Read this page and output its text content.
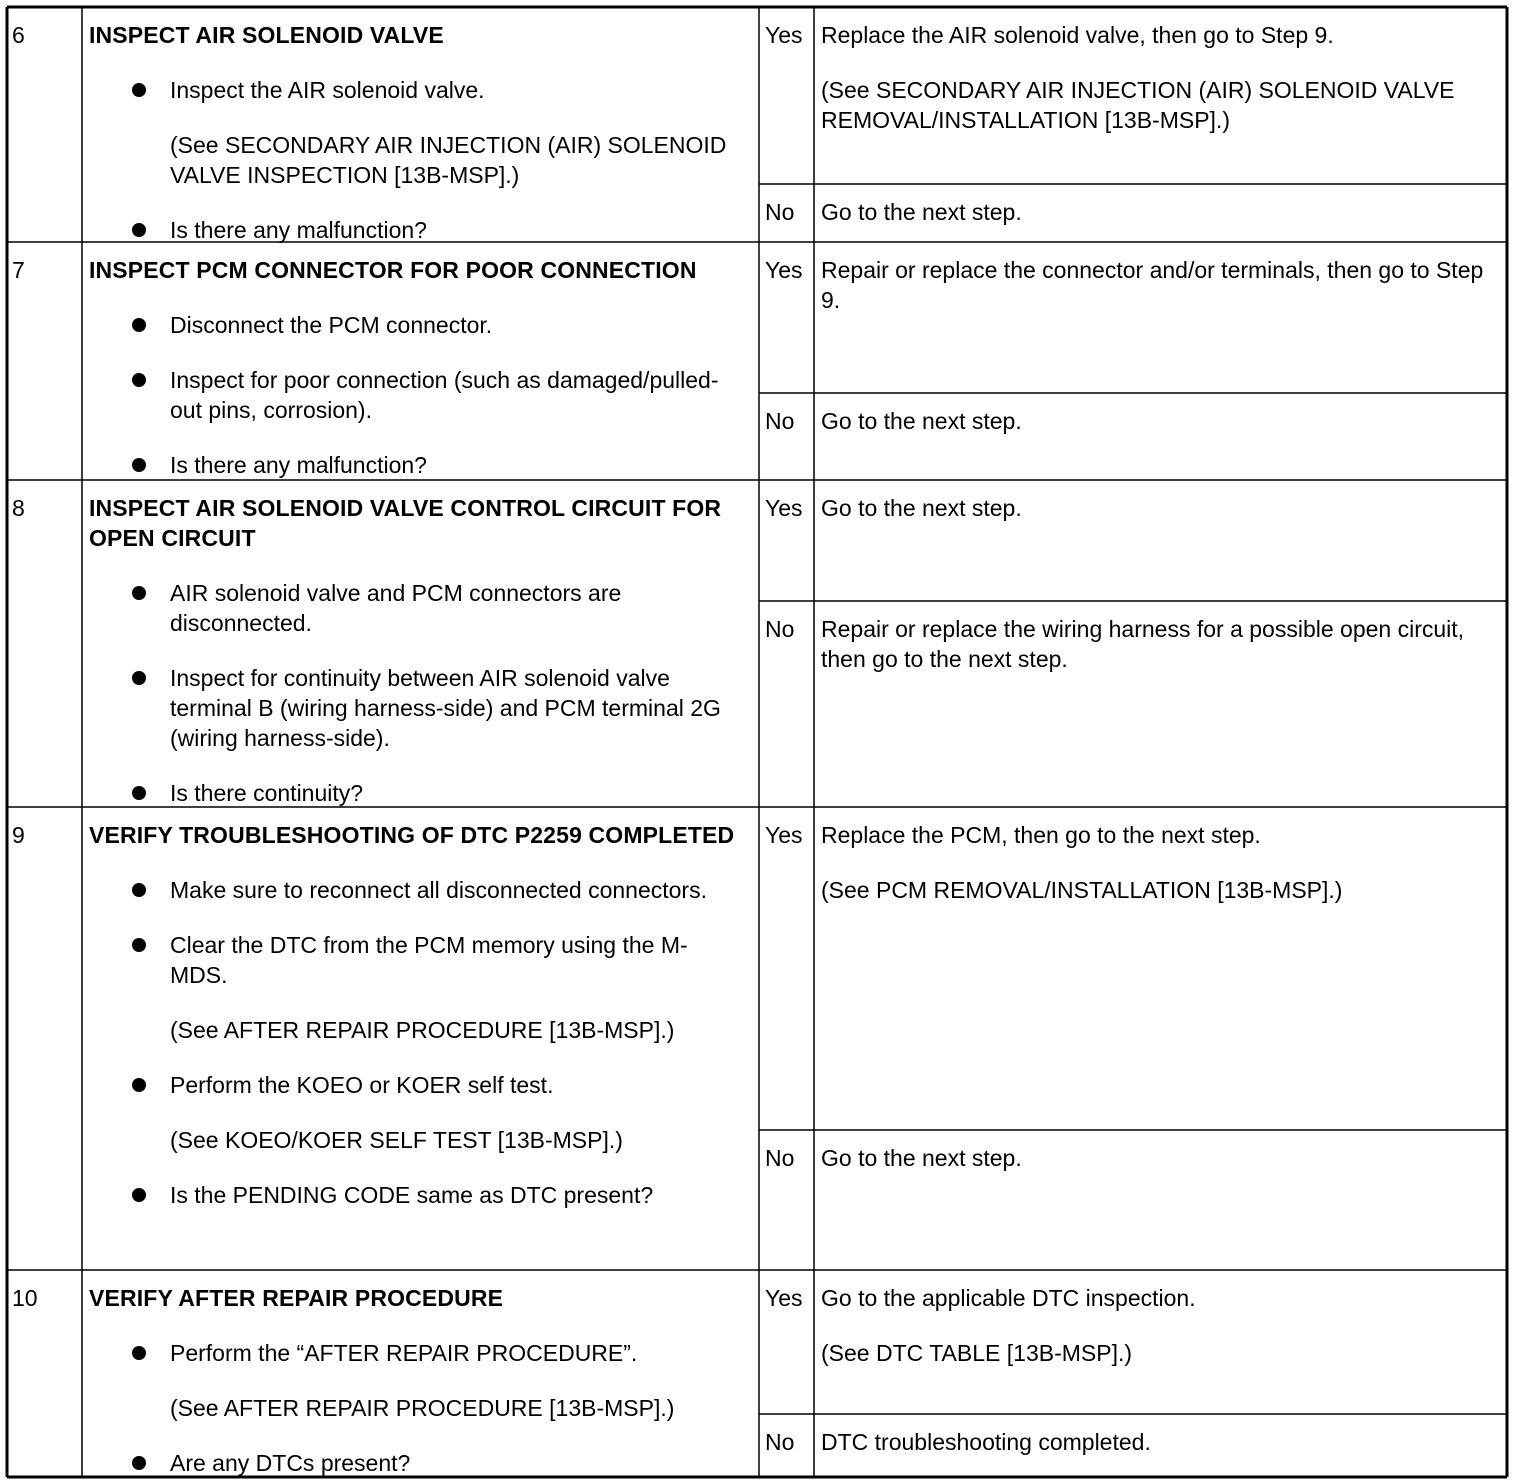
6	INSPECT AIR SOLENOID VALVE
Inspect the AIR solenoid valve.
(See SECONDARY AIR INJECTION (AIR) SOLENOID VALVE INSPECTION [13B-MSP].)
Is there any malfunction?
Yes Replace the AIR solenoid valve, then go to Step 9.
(See SECONDARY AIR INJECTION (AIR) SOLENOID VALVE REMOVAL/INSTALLATION [13B-MSP].)
No	Go to the next step.
7	INSPECT PCM CONNECTOR FOR POOR CONNECTION
Disconnect the PCM connector.
Inspect for poor connection (such as damaged/pulled-out pins, corrosion).
Is there any malfunction?
Yes Repair or replace the connector and/or terminals, then go to Step 9.
No	Go to the next step.
8	INSPECT AIR SOLENOID VALVE CONTROL CIRCUIT FOR OPEN CIRCUIT
AIR solenoid valve and PCM connectors are disconnected.
Inspect for continuity between AIR solenoid valve terminal B (wiring harness-side) and PCM terminal 2G (wiring harness-side).
Is there continuity?
Yes Go to the next step.
No	Repair or replace the wiring harness for a possible open circuit, then go to the next step.
9	VERIFY TROUBLESHOOTING OF DTC P2259 COMPLETED
Make sure to reconnect all disconnected connectors.
Clear the DTC from the PCM memory using the M-MDS.
(See AFTER REPAIR PROCEDURE [13B-MSP].)
Perform the KOEO or KOER self test.
(See KOEO/KOER SELF TEST [13B-MSP].)
Is the PENDING CODE same as DTC present?
Yes Replace the PCM, then go to the next step.
(See PCM REMOVAL/INSTALLATION [13B-MSP].)
No	Go to the next step.
10	VERIFY AFTER REPAIR PROCEDURE
Perform the “AFTER REPAIR PROCEDURE”.
(See AFTER REPAIR PROCEDURE [13B-MSP].)
Are any DTCs present?
Yes Go to the applicable DTC inspection.
(See DTC TABLE [13B-MSP].)
No	DTC troubleshooting completed.
